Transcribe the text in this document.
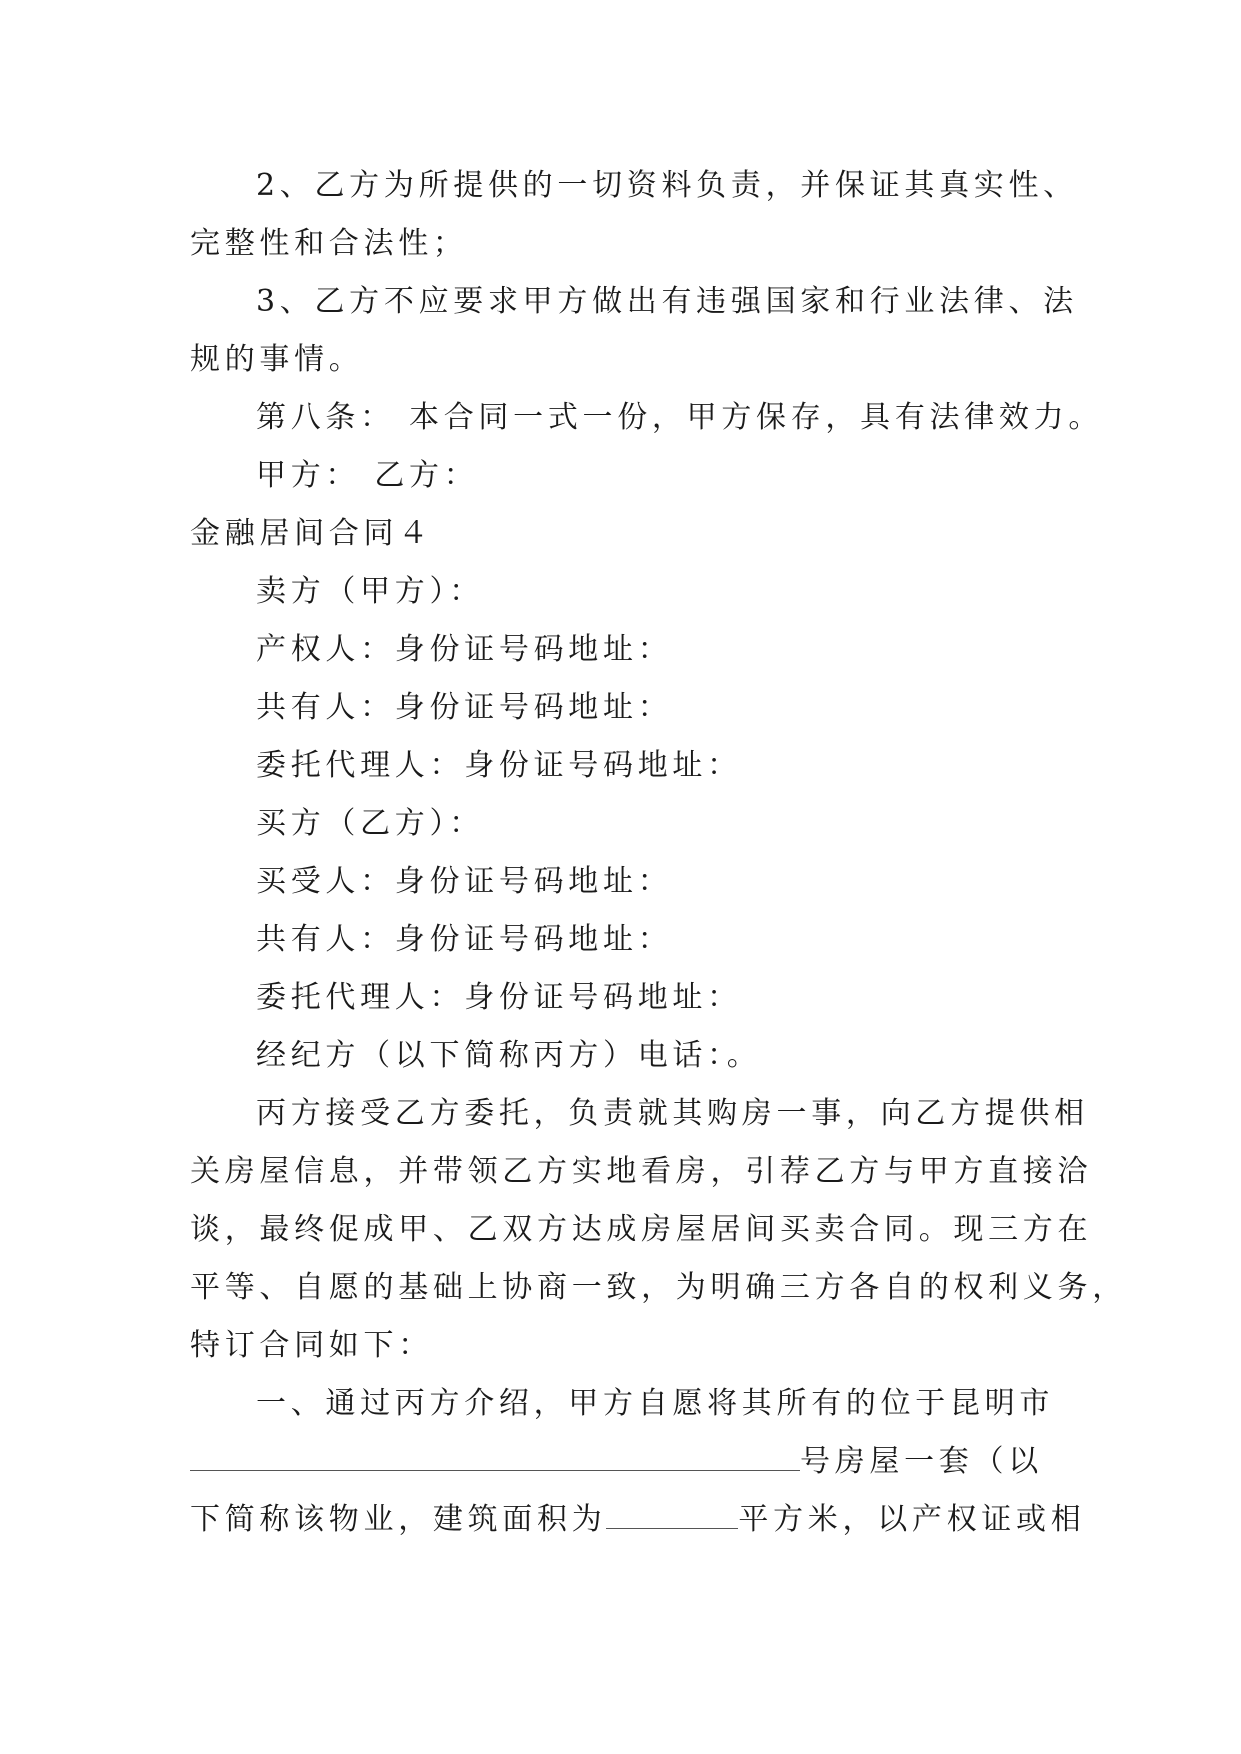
2、乙方为所提供的一切资料负责，并保证其真实性、
完整性和合法性；
3、乙方不应要求甲方做出有违强国家和行业法律、法
规的事情。
第八条： 本合同一式一份，甲方保存，具有法律效力。
甲方： 乙方：
金融居间合同４
卖方（甲方）：
产权人：身份证号码地址：
共有人：身份证号码地址：
委托代理人：身份证号码地址：
买方（乙方）：
买受人：身份证号码地址：
共有人：身份证号码地址：
委托代理人：身份证号码地址：
经纪方（以下简称丙方）电话：。
丙方接受乙方委托，负责就其购房一事，向乙方提供相
关房屋信息，并带领乙方实地看房，引荐乙方与甲方直接洽
谈，最终促成甲、乙双方达成房屋居间买卖合同。现三方在
平等、自愿的基础上协商一致，为明确三方各自的权利义务，
特订合同如下：
一、通过丙方介绍，甲方自愿将其所有的位于昆明市
号房屋一套（以
下简称该物业，建筑面积为	平方米，以产权证或相
